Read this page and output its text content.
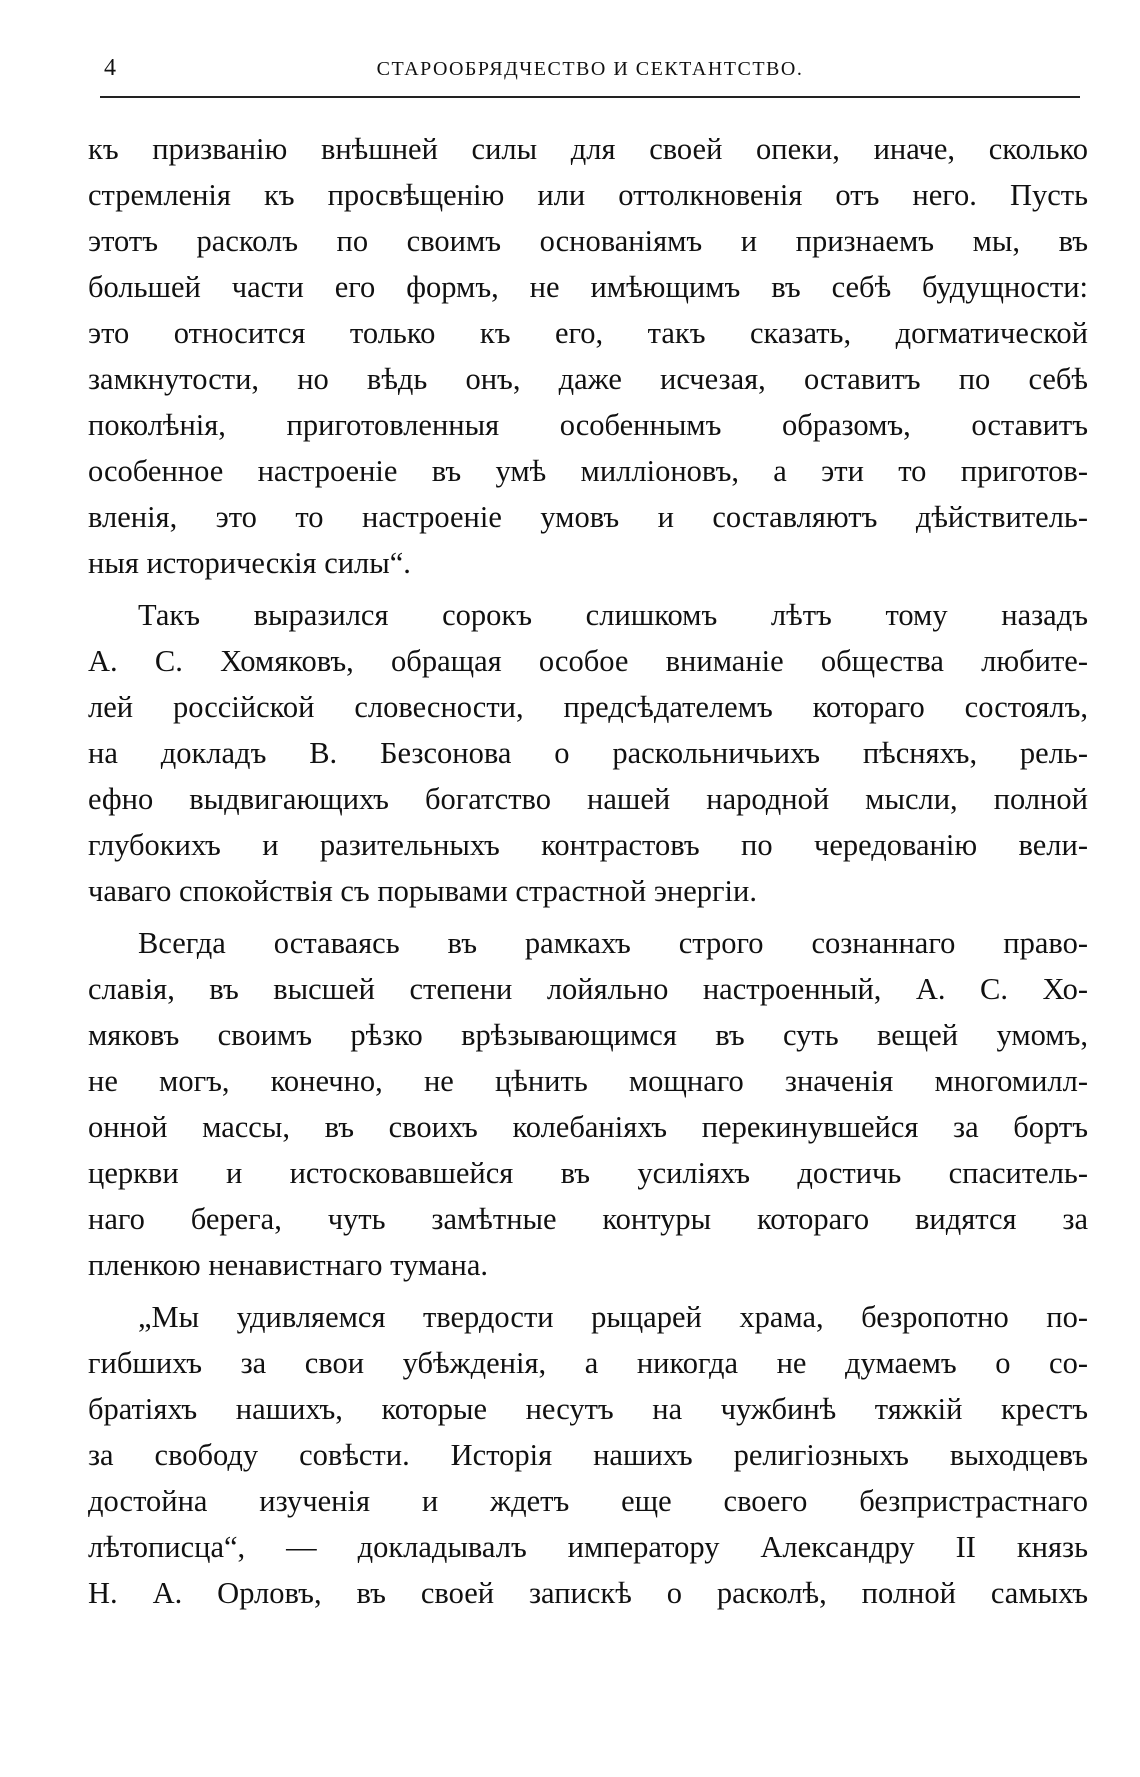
4	СТАРООБРЯДЧЕСТВО И СЕКТАНТСТВО.
къ призванію внѣшней силы для своей опеки, иначе, сколько
стремленія къ просвѣщенію или оттолкновенія отъ него. Пусть
этотъ расколъ по своимъ основаніямъ и признаемъ мы, въ
большей части его формъ, не имѣющимъ въ себѣ будущности:
это относится только къ его, такъ сказать, догматической
замкнутости, но вѣдь онъ, даже исчезая, оставитъ по себѣ
поколѣнія, приготовленныя особеннымъ образомъ, оставитъ
особенное настроеніе въ умѣ милліоновъ, а эти то приготов-
вленія, это то настроеніе умовъ и составляютъ дѣйствитель-
ныя историческія силы“.
Такъ выразился сорокъ слишкомъ лѣтъ тому назадъ
А. С. Хомяковъ, обращая особое вниманіе общества любите-
лей россійской словесности, предсѣдателемъ котораго состоялъ,
на докладъ В. Безсонова о раскольничьихъ пѣсняхъ, рель-
ефно выдвигающихъ богатство нашей народной мысли, полной
глубокихъ и разительныхъ контрастовъ по чередованію вели-
чаваго спокойствія съ порывами страстной энергіи.
Всегда оставаясь въ рамкахъ строго сознаннаго право-
славія, въ высшей степени лойяльно настроенный, А. С. Хо-
мяковъ своимъ рѣзко врѣзывающимся въ суть вещей умомъ,
не могъ, конечно, не цѣнить мощнаго значенія многомилл-
онной массы, въ своихъ колебаніяхъ перекинувшейся за бортъ
церкви и истосковавшейся въ усиліяхъ достичь спаситель-
наго берега, чуть замѣтные контуры котораго видятся за
пленкою ненавистнаго тумана.
„Мы удивляемся твердости рыцарей храма, безропотно по-
гибшихъ за свои убѣжденія, а никогда не думаемъ о со-
братіяхъ нашихъ, которые несутъ на чужбинѣ тяжкій крестъ
за свободу совѣсти. Исторія нашихъ религіозныхъ выходцевъ
достойна изученія и ждетъ еще своего безпристрастнаго
лѣтописца“, — докладывалъ императору Александру II князь
Н. А. Орловъ, въ своей запискѣ о расколѣ, полной самыхъ
